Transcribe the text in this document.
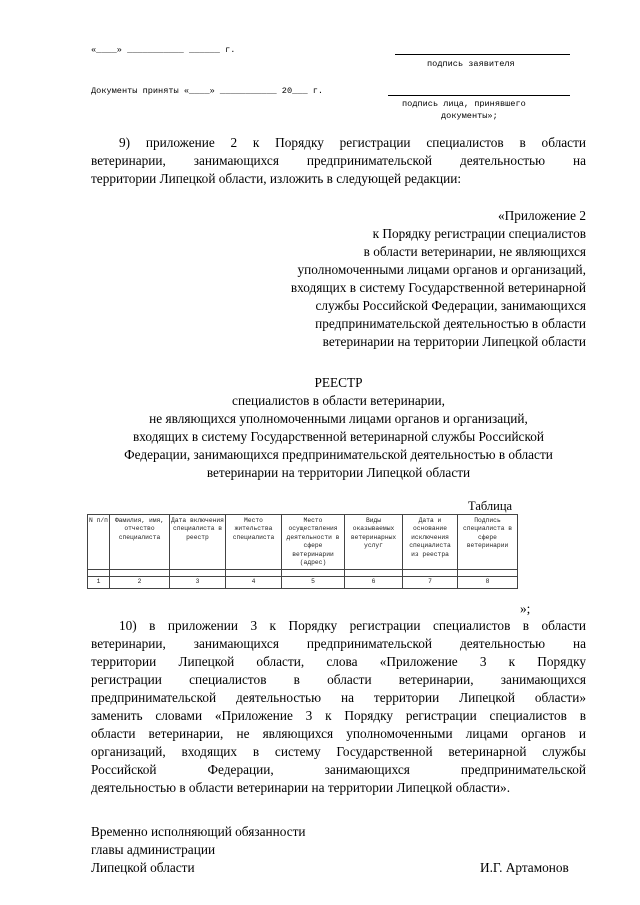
«____» ___________ ______ г.
подпись заявителя
Документы приняты «____» ___________ 20___ г.
подпись лица, принявшего
документы»;
9) приложение 2 к Порядку регистрации специалистов в области
ветеринарии, занимающихся предпринимательской деятельностью на
территории Липецкой области, изложить в следующей редакции:
«Приложение 2
к Порядку регистрации специалистов
в области ветеринарии, не являющихся
уполномоченными лицами органов и организаций,
входящих в систему Государственной ветеринарной
службы Российской Федерации, занимающихся
предпринимательской деятельностью в области
ветеринарии на территории Липецкой области
РЕЕСТР
специалистов в области ветеринарии,
не являющихся уполномоченными лицами органов и организаций,
входящих в систему Государственной ветеринарной службы Российской
Федерации, занимающихся предпринимательской деятельностью в области
ветеринарии на территории Липецкой области
Таблица
N п/п	Фамилия, имя, отчество специалиста	Дата включения специалиста в реестр	Место жительства специалиста	Место осуществления деятельности в сфере ветеринарии (адрес)	Виды оказываемых ветеринарных услуг	Дата и основание исключения специалиста из реестра	Подпись специалиста в сфере ветеринарии

1	2	3	4	5	6	7	8
»;
10) в приложении 3 к Порядку регистрации специалистов в области
ветеринарии, занимающихся предпринимательской деятельностью на
территории Липецкой области, слова «Приложение 3 к Порядку
регистрации специалистов в области ветеринарии, занимающихся
предпринимательской деятельностью на территории Липецкой области»
заменить словами «Приложение 3 к Порядку регистрации специалистов в
области ветеринарии, не являющихся уполномоченными лицами органов и
организаций, входящих в систему Государственной ветеринарной службы
Российской Федерации, занимающихся предпринимательской
деятельностью в области ветеринарии на территории Липецкой области».
Временно исполняющий обязанности
главы администрации
Липецкой области	И.Г. Артамонов
